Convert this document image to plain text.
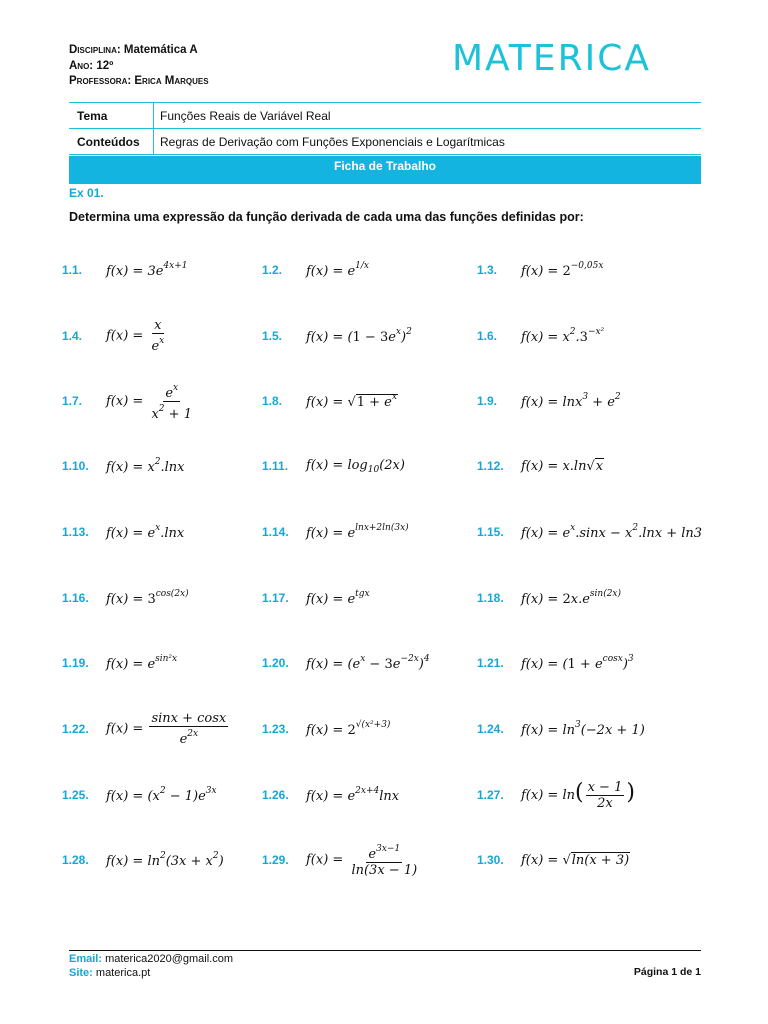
Disciplina: Matemática A
Ano: 12º
Professora: Erica Marques
MATERICA
Tema	Funções Reais de Variável Real
Conteúdos	Regras de Derivação com Funções Exponenciais e Logarítmicas
Ficha de Trabalho
Ex 01.
Determina uma expressão da função derivada de cada uma das funções definidas por:
1.1.	$f(x) = 3e^{4x+1}$	1.2.	$f(x) = e^{1/x}$	1.3.	$f(x) = 2^{-0,05x}$
1.4.	$f(x) = \frac{x}{e^x}$	1.5.	$f(x) = (1 - 3e^x)^2$	1.6.	$f(x) = x^2.3^{-x^2}$
1.7.	$f(x) = \frac{e^x}{x^2 + 1}$	1.8.	$f(x) = √1 + e^x$	1.9.	$f(x) = \ln x^3 + e^2$
1.10.	$f(x) = x^2.\ln x$	1.11.	$f(x) = \log_{10}(2x)$	1.12.	f(x) = x.ln√x
1.13.	$f(x) = e^x.\ln x$	1.14.	$f(x) = e^{lnx+2ln(3x)}$	1.15.	$f(x) = e^x.\sin x - x^2.\ln x + \ln 3$
1.16.	$f(x) = 3^{cos(2x)}$	1.17.	$f(x) = e^{tgx}$	1.18.	$f(x) = 2x.e^{sin(2x)}$
1.19.	$f(x) = e^{sin^2x}$	1.20.	$f(x) = (e^x - 3e^{-2x})^4$	1.21.	$f(x) = (1 + e^{cosx})^3$
1.22.	$f(x) = \frac{\sin x + \cos x}{e^{2x}}$	1.23.	$f(x) = 2^{√(x^2+3)}$	1.24.	$f(x) = \ln^3(-2x + 1)$
1.25.	$f(x) = (x^2 - 1)e^{3x}$	1.26.	$f(x) = e^{2x+4}\ln x$	1.27.	$f(x) = \ln( \frac{x - 1}{2x}$ )
1.28.	$f(x) = \ln^2(3x + x^2)$	1.29.	$f(x) = \frac{e^{3x-1}}{\ln(3x - 1)}$	1.30.	f(x) = √ln(x + 3)
Email: materica2020@gmail.com
Site: materica.pt	Página 1 de 1
